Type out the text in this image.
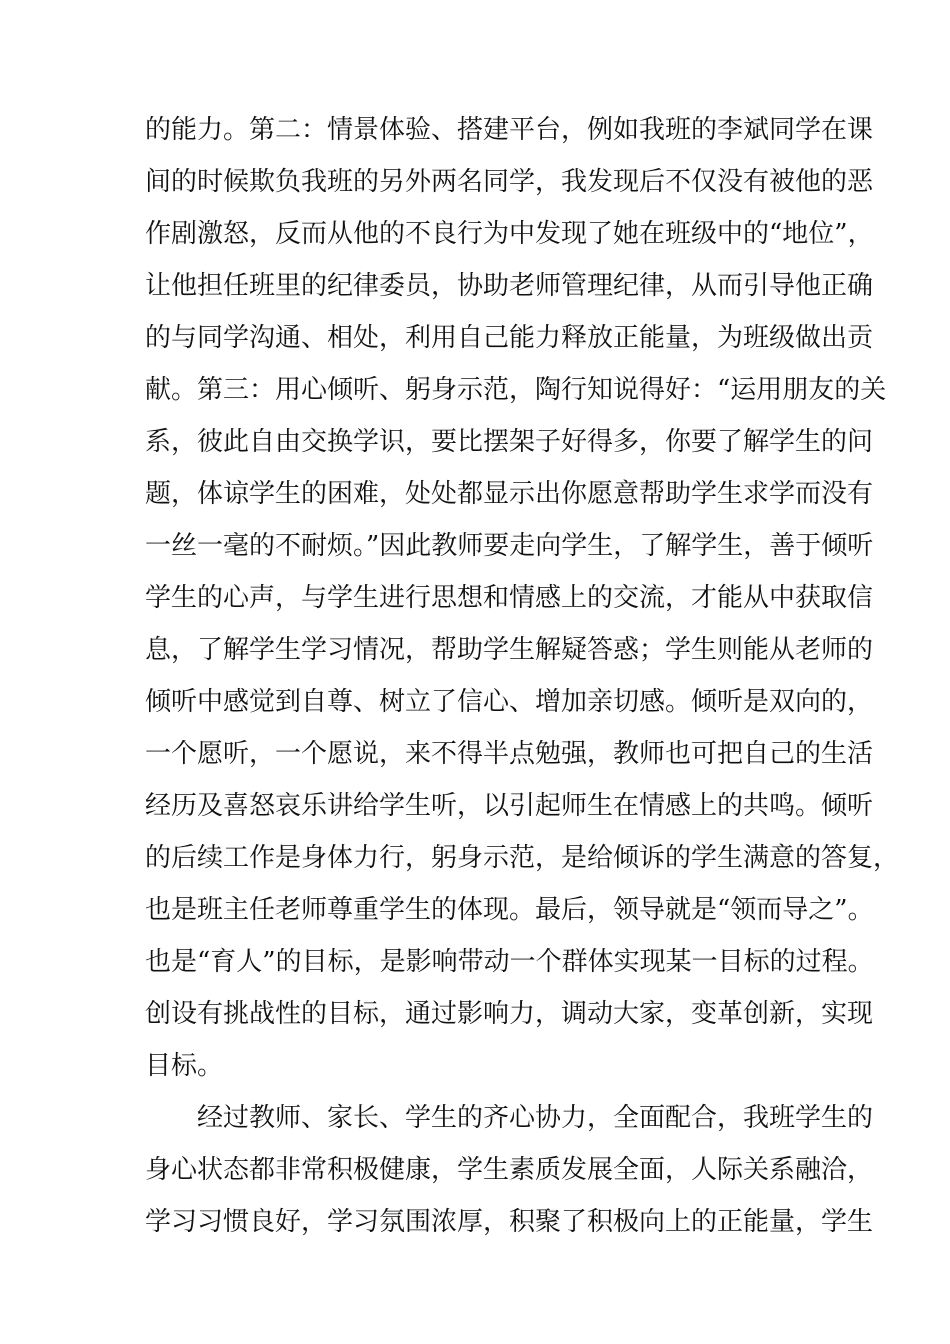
的能力。第二：情景体验、搭建平台，例如我班的李斌同学在课
间的时候欺负我班的另外两名同学，我发现后不仅没有被他的恶
作剧激怒，反而从他的不良行为中发现了她在班级中的“地位”，
让他担任班里的纪律委员，协助老师管理纪律，从而引导他正确
的与同学沟通、相处，利用自己能力释放正能量，为班级做出贡
献。第三：用心倾听、躬身示范，陶行知说得好：“运用朋友的关
系，彼此自由交换学识，要比摆架子好得多，你要了解学生的问
题，体谅学生的困难，处处都显示出你愿意帮助学生求学而没有
一丝一毫的不耐烦。”因此教师要走向学生，了解学生，善于倾听
学生的心声，与学生进行思想和情感上的交流，才能从中获取信
息，了解学生学习情况，帮助学生解疑答惑；学生则能从老师的
倾听中感觉到自尊、树立了信心、增加亲切感。倾听是双向的，
一个愿听，一个愿说，来不得半点勉强，教师也可把自己的生活
经历及喜怒哀乐讲给学生听，以引起师生在情感上的共鸣。倾听
的后续工作是身体力行，躬身示范，是给倾诉的学生满意的答复，
也是班主任老师尊重学生的体现。最后，领导就是“领而导之”。
也是“育人”的目标，是影响带动一个群体实现某一目标的过程。
创设有挑战性的目标，通过影响力，调动大家，变革创新，实现
目标。
经过教师、家长、学生的齐心协力，全面配合，我班学生的
身心状态都非常积极健康，学生素质发展全面，人际关系融洽，
学习习惯良好，学习氛围浓厚，积聚了积极向上的正能量，学生
